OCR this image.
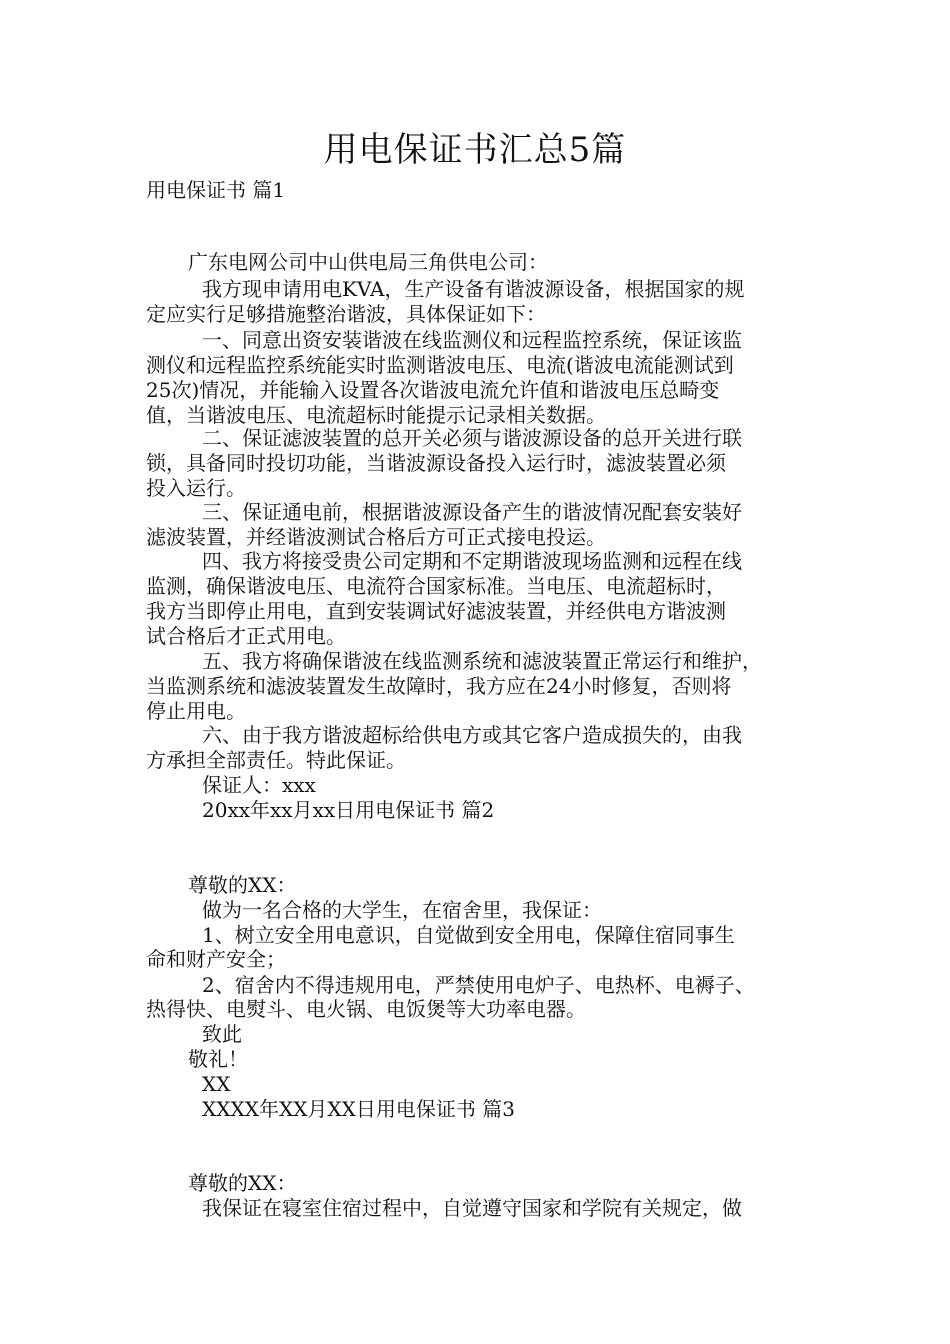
用电保证书汇总5篇
用电保证书 篇1
广东电网公司中山供电局三角供电公司：
我方现申请用电KVA，生产设备有谐波源设备，根据国家的规
定应实行足够措施整治谐波，具体保证如下：
一、同意出资安装谐波在线监测仪和远程监控系统，保证该监
测仪和远程监控系统能实时监测谐波电压、电流(谐波电流能测试到
25次)情况，并能输入设置各次谐波电流允许值和谐波电压总畸变
值，当谐波电压、电流超标时能提示记录相关数据。
二、保证滤波装置的总开关必须与谐波源设备的总开关进行联
锁，具备同时投切功能，当谐波源设备投入运行时，滤波装置必须
投入运行。
三、保证通电前，根据谐波源设备产生的谐波情况配套安装好
滤波装置，并经谐波测试合格后方可正式接电投运。
四、我方将接受贵公司定期和不定期谐波现场监测和远程在线
监测，确保谐波电压、电流符合国家标准。当电压、电流超标时，
我方当即停止用电，直到安装调试好滤波装置，并经供电方谐波测
试合格后才正式用电。
五、我方将确保谐波在线监测系统和滤波装置正常运行和维护，
当监测系统和滤波装置发生故障时，我方应在24小时修复，否则将
停止用电。
六、由于我方谐波超标给供电方或其它客户造成损失的，由我
方承担全部责任。特此保证。
保证人：xxx
20xx年xx月xx日用电保证书 篇2
尊敬的XX：
做为一名合格的大学生，在宿舍里，我保证：
1、树立安全用电意识，自觉做到安全用电，保障住宿同事生
命和财产安全；
2、宿舍内不得违规用电，严禁使用电炉子、电热杯、电褥子、
热得快、电熨斗、电火锅、电饭煲等大功率电器。
致此
敬礼！
XX
XXXX年XX月XX日用电保证书 篇3
尊敬的XX：
我保证在寝室住宿过程中，自觉遵守国家和学院有关规定，做
